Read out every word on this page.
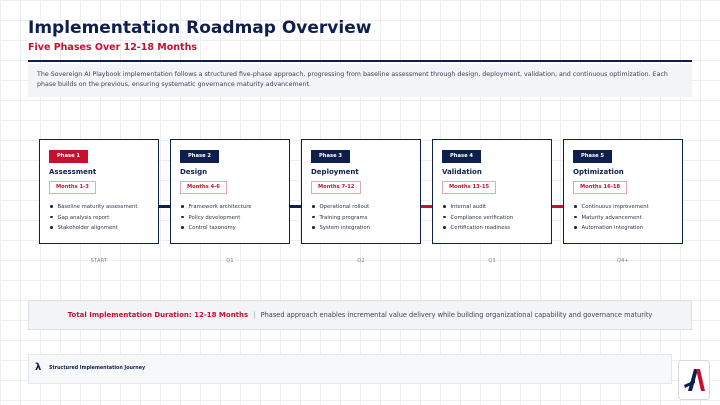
Implementation Roadmap Overview
Five Phases Over 12-18 Months
The Sovereign AI Playbook implementation follows a structured five-phase approach, progressing from baseline assessment through design, deployment, validation, and continuous optimization. Each phase builds on the previous, ensuring systematic governance maturity advancement.
Phase 1
Assessment
Months 1-3
Baseline maturity assessment
Gap analysis report
Stakeholder alignment
Phase 2
Design
Months 4-6
Framework architecture
Policy development
Control taxonomy
Phase 3
Deployment
Months 7-12
Operational rollout
Training programs
System integration
Phase 4
Validation
Months 13-15
Internal audit
Compliance verification
Certification readiness
Phase 5
Optimization
Months 16-18
Continuous improvement
Maturity advancement
Automation integration
START	Q1	Q2	Q3	Q4+
Total Implementation Duration: 12-18 Months | Phased approach enables incremental value delivery while building organizational capability and governance maturity
λ Structured Implementation Journey
